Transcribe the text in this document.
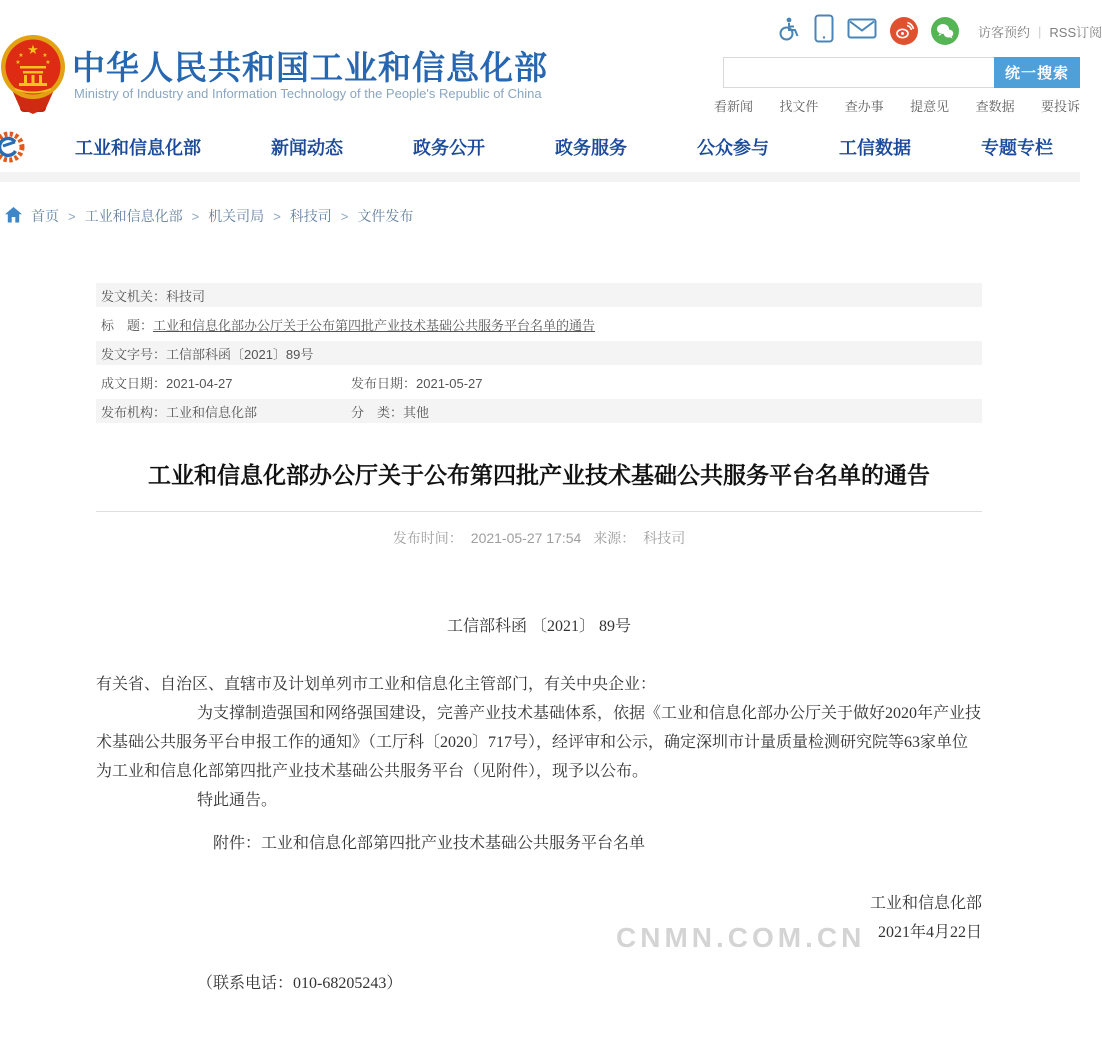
★
★	★
★	★ 中华人民共和国工业和信息化部
Ministry of Industry and Information Technology of the People's Republic of China
访客预约 | RSS订阅
统一搜索
看新闻 找文件 查办事 提意见 查数据 要投诉
工业和信息化部	新闻动态	政务公开	政务服务	公众参与	工信数据	专题专栏
首页 > 工业和信息化部 > 机关司局 > 科技司 > 文件发布
发文机关：科技司
标　题：工业和信息化部办公厅关于公布第四批产业技术基础公共服务平台名单的通告
发文字号：工信部科函〔2021〕89号
成文日期：2021-04-27	发布日期：2021-05-27
发布机构：工业和信息化部	分　类：其他
工业和信息化部办公厅关于公布第四批产业技术基础公共服务平台名单的通告
发布时间： 2021-05-27 17:54 来源： 科技司
工信部科函 〔2021〕 89号
有关省、自治区、直辖市及计划单列市工业和信息化主管部门，有关中央企业：
为支撑制造强国和网络强国建设，完善产业技术基础体系，依据《工业和信息化部办公厅关于做好2020年产业技术基础公共服务平台申报工作的通知》（工厅科〔2020〕717号），经评审和公示，确定深圳市计量质量检测研究院等63家单位为工业和信息化部第四批产业技术基础公共服务平台（见附件），现予以公布。
特此通告。
附件：工业和信息化部第四批产业技术基础公共服务平台名单
工业和信息化部
2021年4月22日
（联系电话：010-68205243）
CNMN.COM.CN
